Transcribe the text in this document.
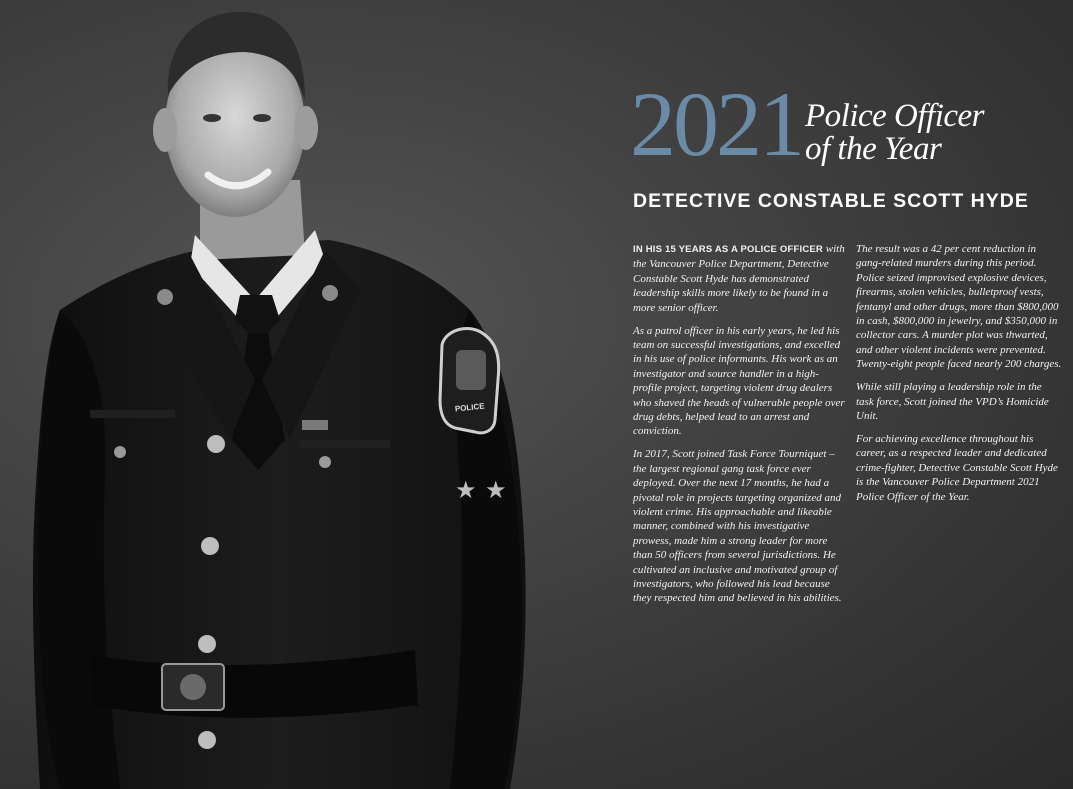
POLICE
★ ★
2021 Police Officer
of the Year
DETECTIVE CONSTABLE SCOTT HYDE

IN HIS 15 YEARS AS A POLICE OFFICER with the Vancouver Police Department, Detective Constable Scott Hyde has demonstrated leadership skills more likely to be found in a more senior officer.

As a patrol officer in his early years, he led his team on successful investigations, and excelled in his use of police informants. His work as an investigator and source handler in a high-profile project, targeting violent drug dealers who shaved the heads of vulnerable people over drug debts, helped lead to an arrest and conviction.

In 2017, Scott joined Task Force Tourniquet – the largest regional gang task force ever deployed. Over the next 17 months, he had a pivotal role in projects targeting organized and violent crime. His approachable and likeable manner, combined with his investigative prowess, made him a strong leader for more than 50 officers from several jurisdictions. He cultivated an inclusive and motivated group of investigators, who followed his lead because they respected him and believed in his abilities.

The result was a 42 per cent reduction in gang-related murders during this period. Police seized improvised explosive devices, firearms, stolen vehicles, bulletproof vests, fentanyl and other drugs, more than $800,000 in cash, $800,000 in jewelry, and $350,000 in collector cars. A murder plot was thwarted, and other violent incidents were prevented. Twenty-eight people faced nearly 200 charges.

While still playing a leadership role in the task force, Scott joined the VPD’s Homicide Unit.

For achieving excellence throughout his career, as a respected leader and dedicated crime-fighter, Detective Constable Scott Hyde is the Vancouver Police Department 2021 Police Officer of the Year.
